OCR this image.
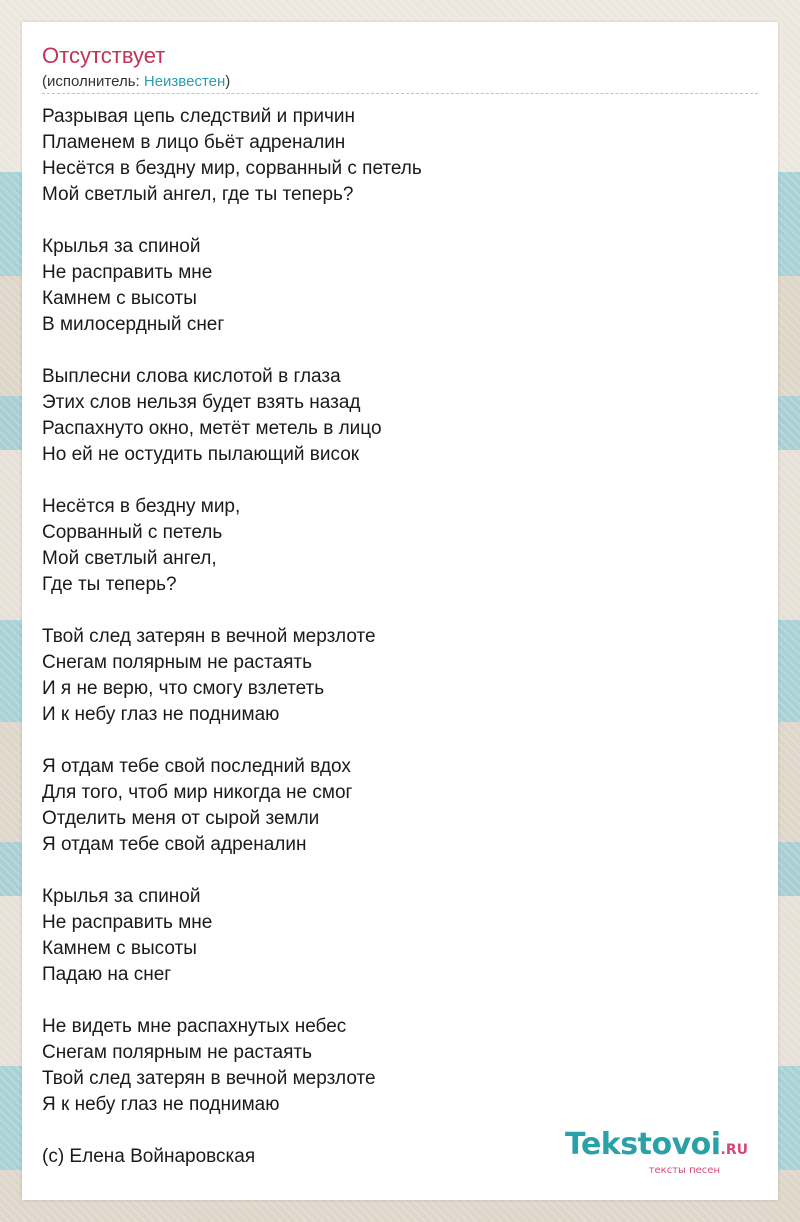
Отсутствует
(исполнитель: Неизвестен)
Разрывая цепь следствий и причин
Пламенем в лицо бьёт адреналин
Несётся в бездну мир, сорванный с петель
Мой светлый ангел, где ты теперь?
Крылья за спиной
Не расправить мне
Камнем с высоты
В милосердный снег
Выплесни слова кислотой в глаза
Этих слов нельзя будет взять назад
Распахнуто окно, метёт метель в лицо
Но ей не остудить пылающий висок
Несётся в бездну мир,
Сорванный с петель
Мой светлый ангел,
Где ты теперь?
Твой след затерян в вечной мерзлоте
Снегам полярным не растаять
И я не верю, что смогу взлететь
И к небу глаз не поднимаю
Я отдам тебе свой последний вдох
Для того, чтоб мир никогда не смог
Отделить меня от сырой земли
Я отдам тебе свой адреналин
Крылья за спиной
Не расправить мне
Камнем с высоты
Падаю на снег
Не видеть мне распахнутых небес
Снегам полярным не растаять
Твой след затерян в вечной мерзлоте
Я к небу глаз не поднимаю
(c) Елена Войнаровская	Tekstovoi.RU
тексты песен
